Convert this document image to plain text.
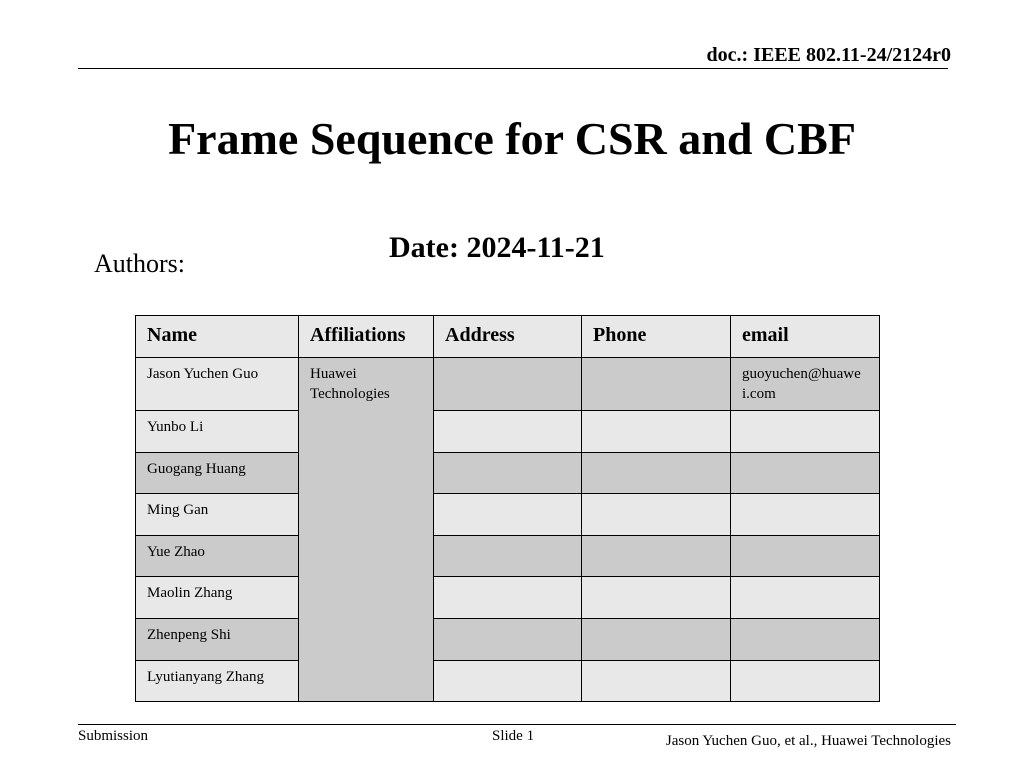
doc.: IEEE 802.11-24/2124r0
Frame Sequence for CSR and CBF
Date: 2024-11-21
Authors:
Name	Affiliations	Address	Phone	email
Jason Yuchen Guo	Huawei Technologies			guoyuchen@huawei.com
Yunbo Li				
Guogang Huang				
Ming Gan				
Yue Zhao				
Maolin Zhang				
Zhenpeng Shi				
Lyutianyang Zhang				
Submission	Slide 1	Jason Yuchen Guo, et al., Huawei Technologies
